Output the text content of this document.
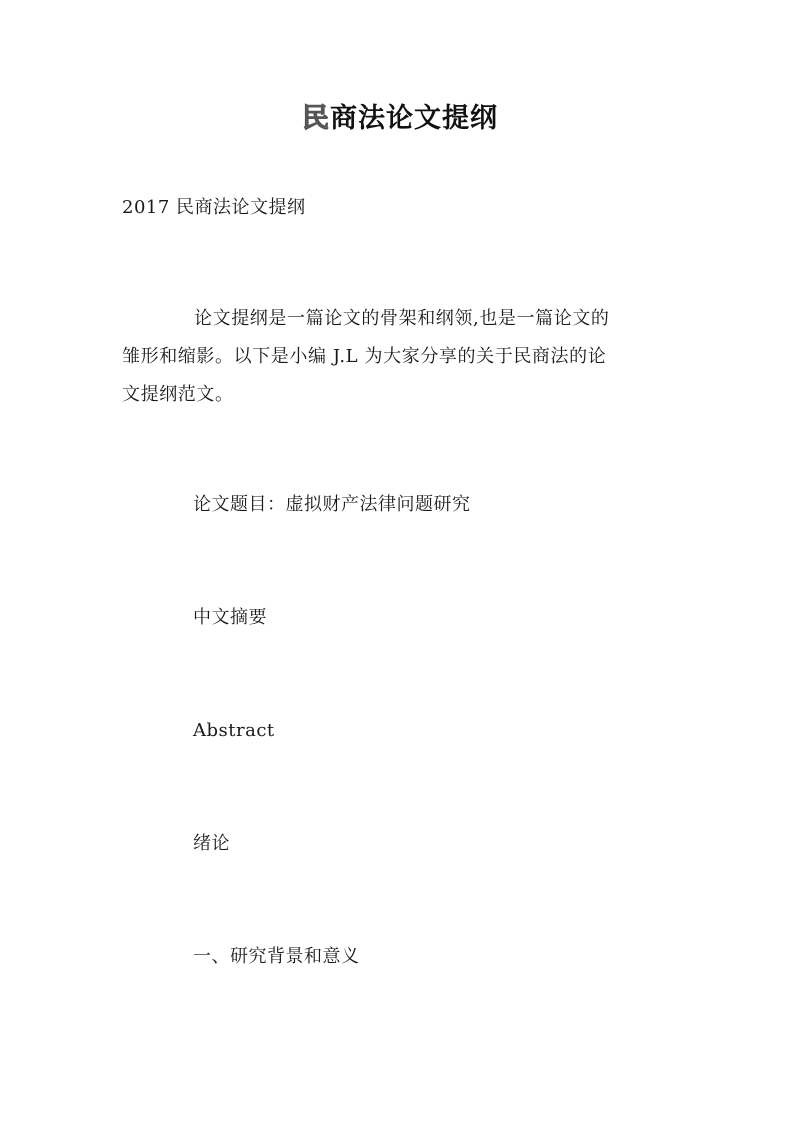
民商法论文提纲
2017 民商法论文提纲
论文提纲是一篇论文的骨架和纲领,也是一篇论文的
雏形和缩影。以下是小编 J.L 为大家分享的关于民商法的论
文提纲范文。
论文题目：虚拟财产法律问题研究
中文摘要
Abstract
绪论
一、研究背景和意义
